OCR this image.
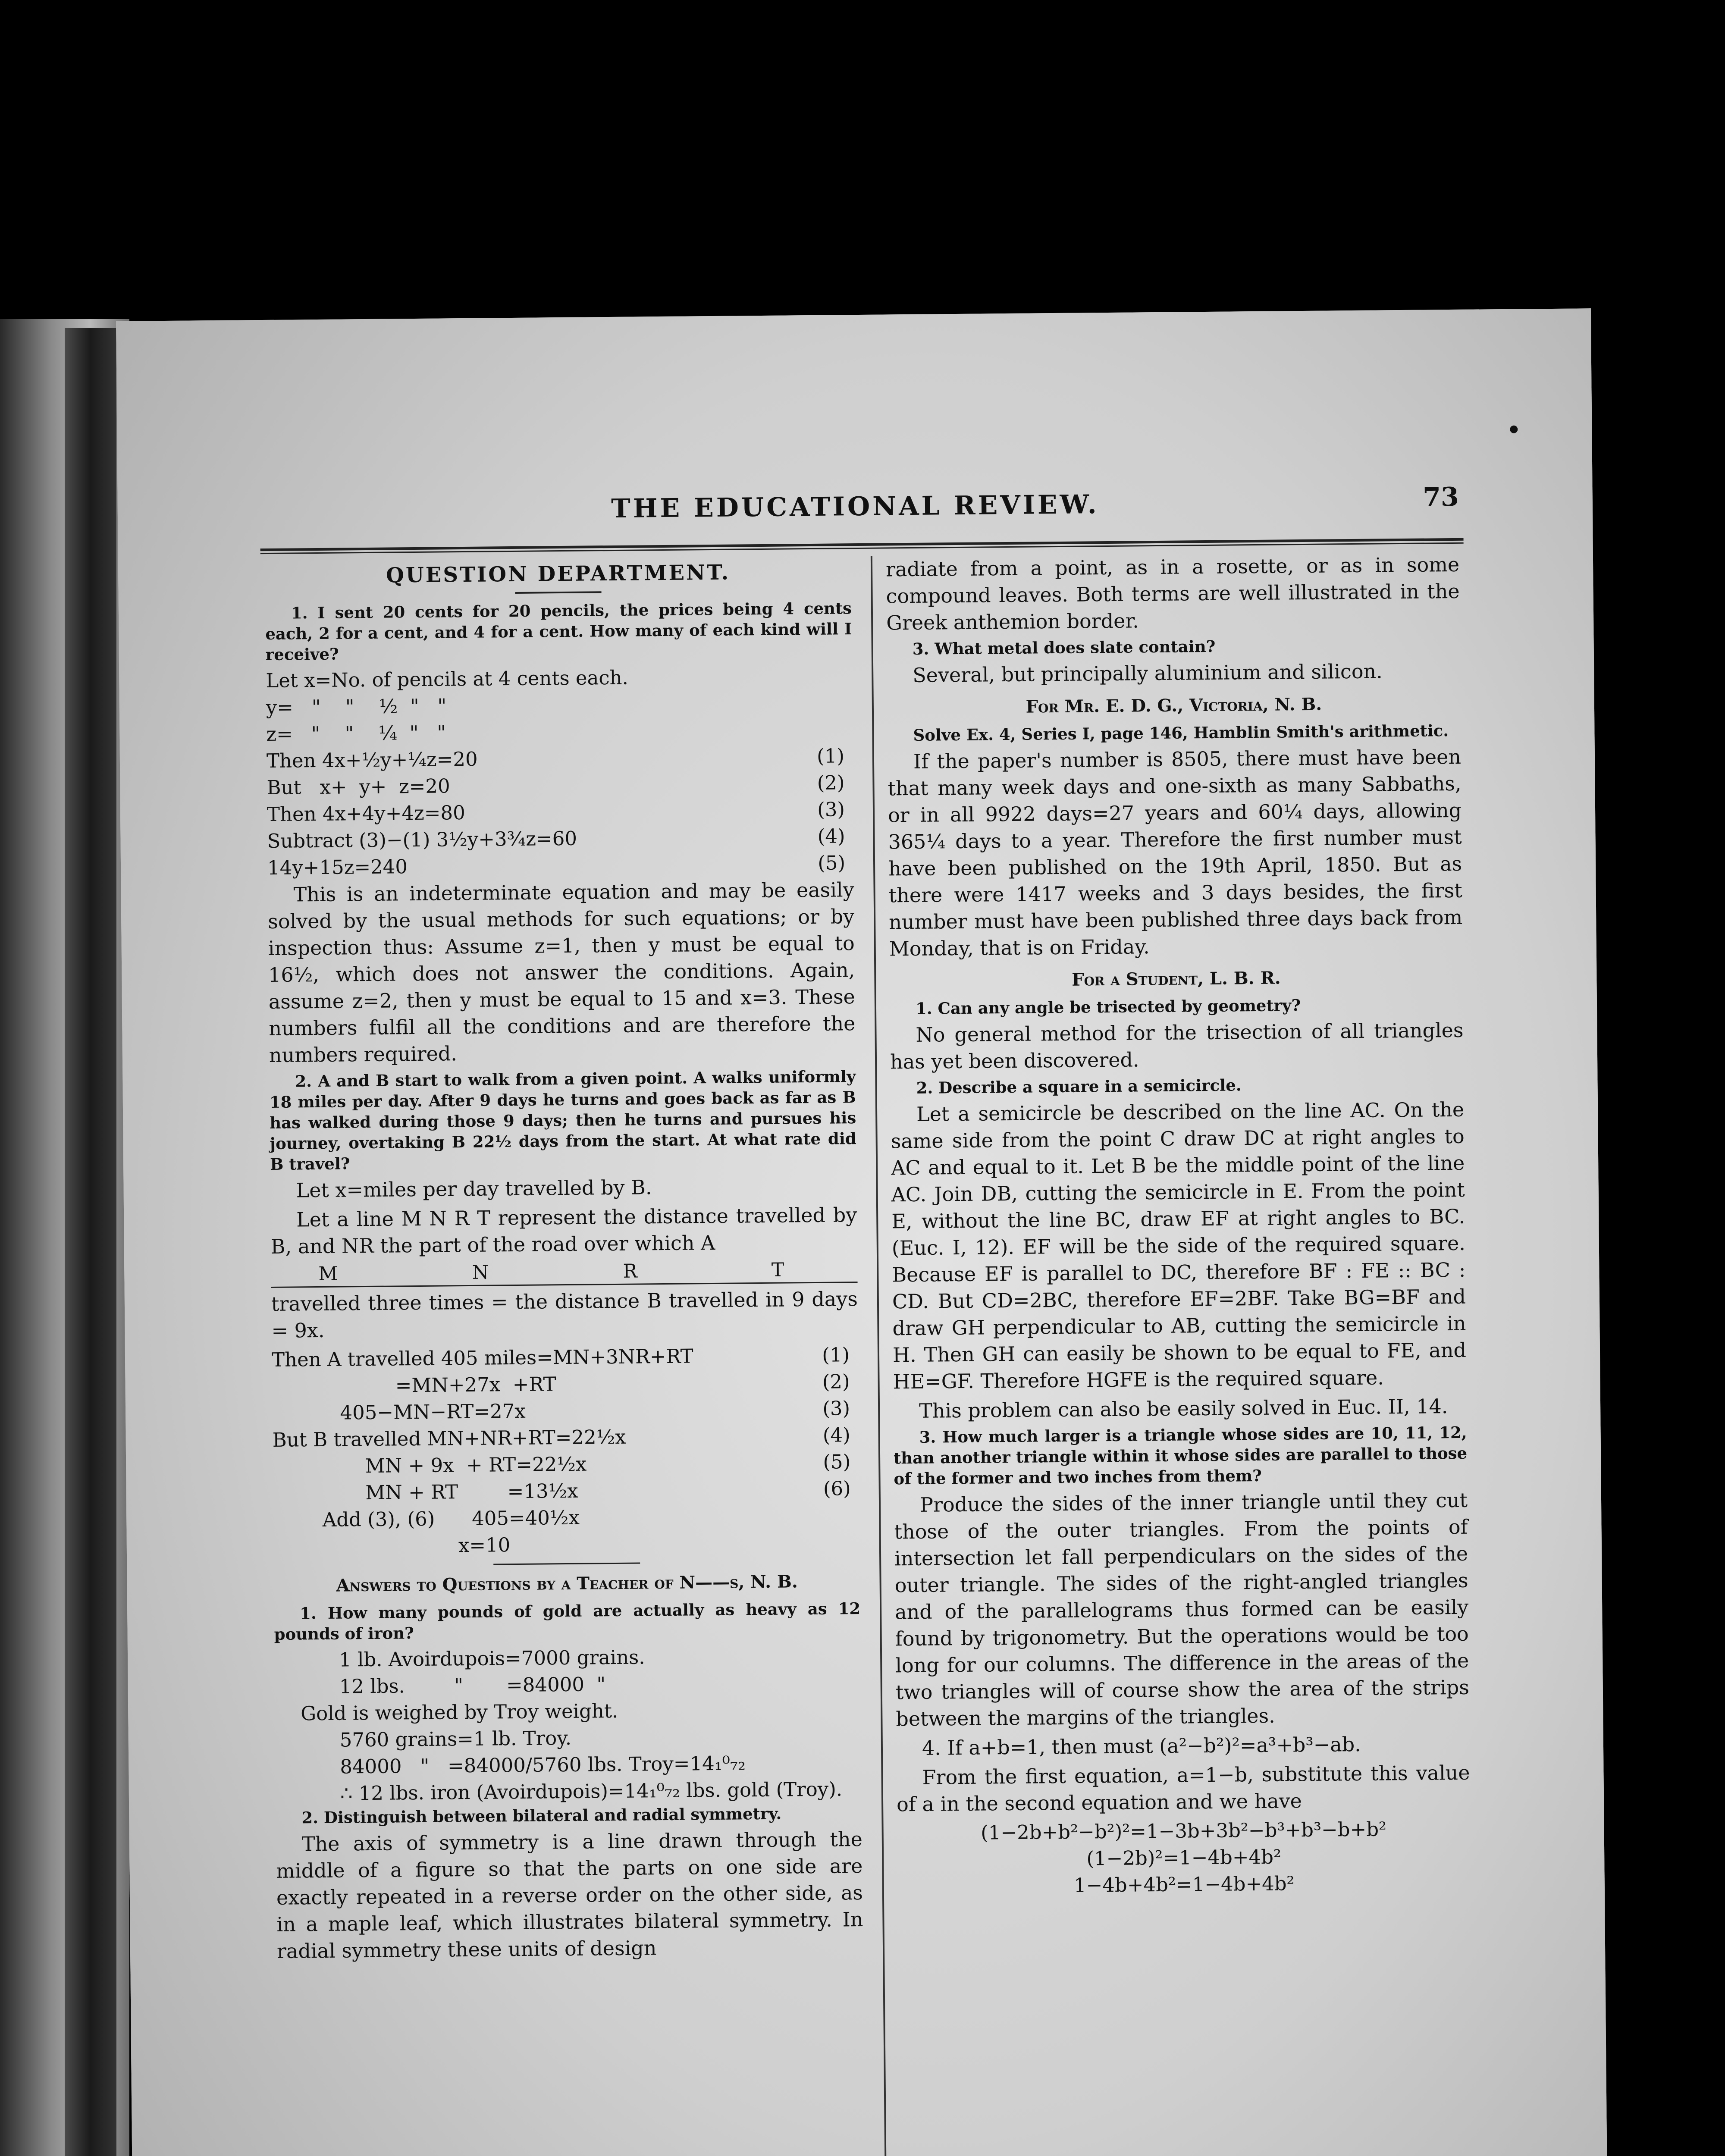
THE EDUCATIONAL REVIEW.	73
QUESTION DEPARTMENT.

1. I sent 20 cents for 20 pencils, the prices being 4 cents each, 2 for a cent, and 4 for a cent. How many of each kind will I receive?

Let x=No. of pencils at 4 cents each.
y=   "    "    ½  "   "
z=   "    "    ¼  "   "
Then 4x+½y+¼z=20	(1)
But   x+  y+  z=20	(2)
Then 4x+4y+4z=80	(3)
Subtract (3)−(1) 3½y+3¾z=60	(4)
14y+15z=240	(5)

This is an indeterminate equation and may be easily solved by the usual methods for such equations; or by inspection thus: Assume z=1, then y must be equal to 16½, which does not answer the conditions. Again, assume z=2, then y must be equal to 15 and x=3. These numbers fulfil all the conditions and are therefore the numbers required.

2. A and B start to walk from a given point. A walks uniformly 18 miles per day. After 9 days he turns and goes back as far as B has walked during those 9 days; then he turns and pursues his journey, overtaking B 22½ days from the start. At what rate did B travel?

Let x=miles per day travelled by B.

Let a line M N R T represent the distance travelled by B, and NR the part of the road over which A

M	N	R	T

travelled three times = the distance B travelled in 9 days = 9x.

Then A travelled 405 miles=MN+3NR+RT	(1)
=MN+27x  +RT	(2)
405−MN−RT=27x	(3)
But B travelled MN+NR+RT=22½x	(4)
MN + 9x  + RT=22½x	(5)
MN + RT        =13½x	(6)
Add (3), (6)      405=40½x
x=10
Answers to Questions by a Teacher of N——s, N. B.

1. How many pounds of gold are actually as heavy as 12 pounds of iron?

1 lb. Avoirdupois=7000 grains.
12 lbs.        "       =84000  "
Gold is weighed by Troy weight.
5760 grains=1 lb. Troy.
84000   "   =84000/5760 lbs. Troy=14₁⁰₇₂
∴ 12 lbs. iron (Avoirdupois)=14₁⁰₇₂ lbs. gold (Troy).

2. Distinguish between bilateral and radial symmetry.

The axis of symmetry is a line drawn through the middle of a figure so that the parts on one side are exactly repeated in a reverse order on the other side, as in a maple leaf, which illustrates bilateral symmetry. In radial symmetry these units of design

radiate from a point, as in a rosette, or as in some compound leaves. Both terms are well illustrated in the Greek anthemion border.

3. What metal does slate contain?

Several, but principally aluminium and silicon.

For Mr. E. D. G., Victoria, N. B.

Solve Ex. 4, Series I, page 146, Hamblin Smith's arithmetic.

If the paper's number is 8505, there must have been that many week days and one-sixth as many Sabbaths, or in all 9922 days=27 years and 60¼ days, allowing 365¼ days to a year. Therefore the first number must have been published on the 19th April, 1850. But as there were 1417 weeks and 3 days besides, the first number must have been published three days back from Monday, that is on Friday.

For a Student, L. B. R.

1. Can any angle be trisected by geometry?

No general method for the trisection of all triangles has yet been discovered.

2. Describe a square in a semicircle.

Let a semicircle be described on the line AC. On the same side from the point C draw DC at right angles to AC and equal to it. Let B be the middle point of the line AC. Join DB, cutting the semicircle in E. From the point E, without the line BC, draw EF at right angles to BC. (Euc. I, 12). EF will be the side of the required square. Because EF is parallel to DC, therefore BF : FE :: BC : CD. But CD=2BC, therefore EF=2BF. Take BG=BF and draw GH perpendicular to AB, cutting the semicircle in H. Then GH can easily be shown to be equal to FE, and HE=GF. Therefore HGFE is the required square.

This problem can also be easily solved in Euc. II, 14.

3. How much larger is a triangle whose sides are 10, 11, 12, than another triangle within it whose sides are parallel to those of the former and two inches from them?

Produce the sides of the inner triangle until they cut those of the outer triangles. From the points of intersection let fall perpendiculars on the sides of the outer triangle. The sides of the right-angled triangles and of the parallelograms thus formed can be easily found by trigonometry. But the operations would be too long for our columns. The difference in the areas of the two triangles will of course show the area of the strips between the margins of the triangles.

4. If a+b=1, then must (a²−b²)²=a³+b³−ab.

From the first equation, a=1−b, substitute this value of a in the second equation and we have

(1−2b+b²−b²)²=1−3b+3b²−b³+b³−b+b²
(1−2b)²=1−4b+4b²
1−4b+4b²=1−4b+4b²
